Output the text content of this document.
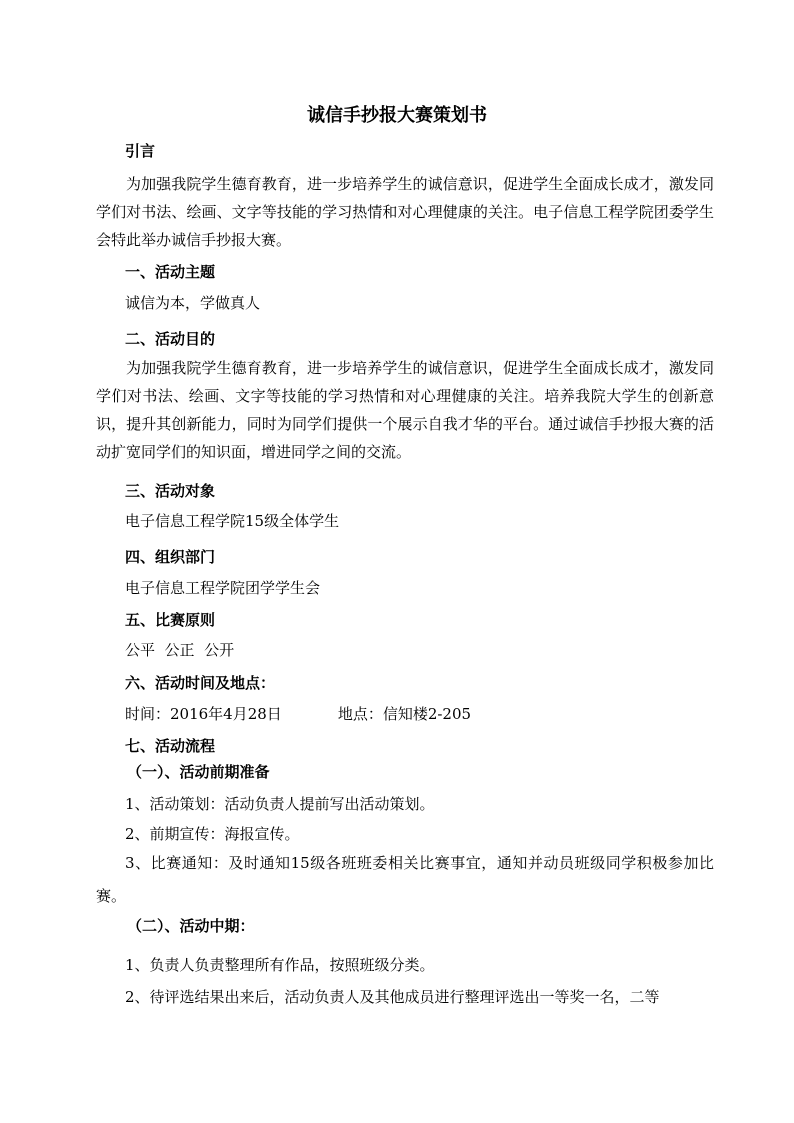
诚信手抄报大赛策划书
引言
为加强我院学生德育教育，进一步培养学生的诚信意识，促进学生全面成长成才，激发同学们对书法、绘画、文字等技能的学习热情和对心理健康的关注。电子信息工程学院团委学生会特此举办诚信手抄报大赛。
一、活动主题
诚信为本，学做真人
二、活动目的
为加强我院学生德育教育，进一步培养学生的诚信意识，促进学生全面成长成才，激发同学们对书法、绘画、文字等技能的学习热情和对心理健康的关注。培养我院大学生的创新意识，提升其创新能力，同时为同学们提供一个展示自我才华的平台。通过诚信手抄报大赛的活动扩宽同学们的知识面，增进同学之间的交流。
三、活动对象
电子信息工程学院15级全体学生
四、组织部门
电子信息工程学院团学学生会
五、比赛原则
公平  公正  公开
六、活动时间及地点：
时间：2016年4月28日	地点：信知楼2-205
七、活动流程
（一）、活动前期准备
1、活动策划：活动负责人提前写出活动策划。
2、前期宣传：海报宣传。
3、比赛通知：及时通知15级各班班委相关比赛事宜，通知并动员班级同学积极参加比赛。
（二）、活动中期：
1、负责人负责整理所有作品，按照班级分类。
2、待评选结果出来后，活动负责人及其他成员进行整理评选出一等奖一名，二等
